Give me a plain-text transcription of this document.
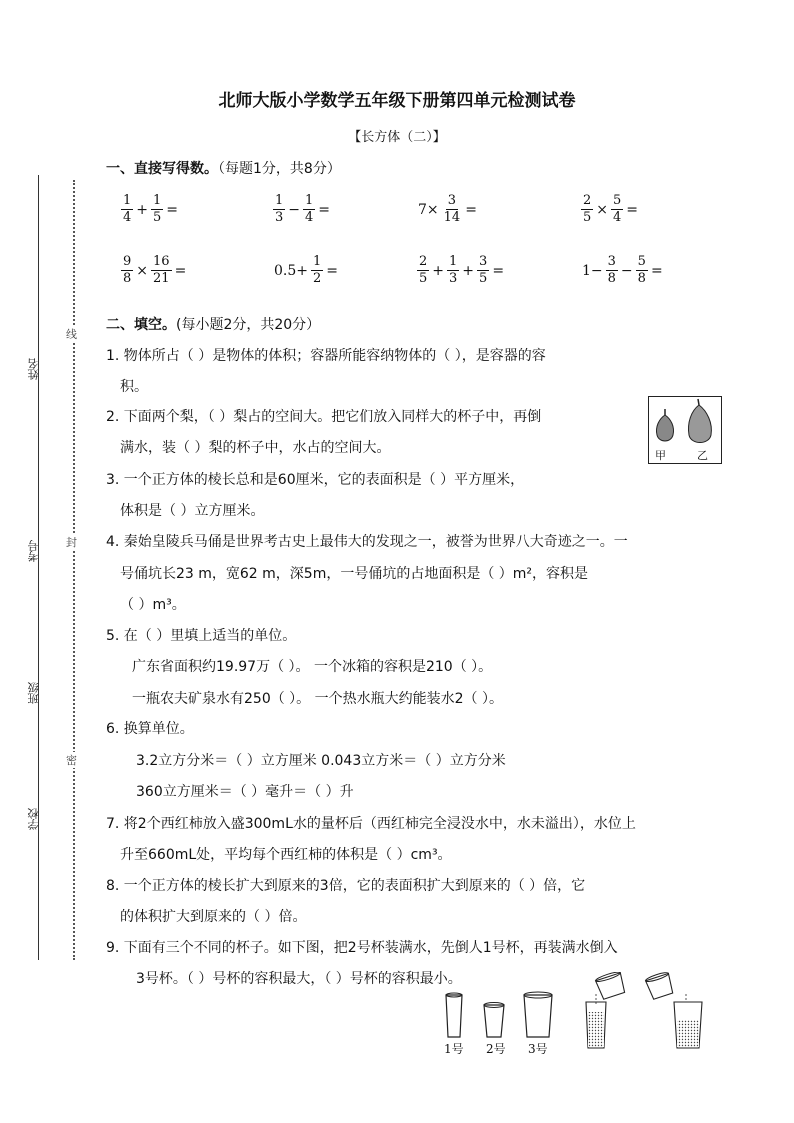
姓名
考号
班级
学校
线
封
密
北师大版小学数学五年级下册第四单元检测试卷
【长方体（二）】
一、直接写得数。（每题1分，共8分）
$\frac{1}{4} + \frac{1}{5}$ =	$\frac{1}{3} - \frac{1}{4}$ =	$7\times \frac{3}{14}$ =	$\frac{2}{5} \times \frac{5}{4}$ =
$\frac{9}{8} \times \frac{16}{21}$ =	$0.5+ \frac{1}{2}$ =	$\frac{2}{5} + \frac{1}{3} + \frac{3}{5}$ =	$1- \frac{3}{8} - \frac{5}{8}$ =
二、填空。(每小题2分，共20分）
1. 物体所占（ ）是物体的体积；容器所能容纳物体的（ ），是容器的容
积。
2. 下面两个梨，（ ）梨占的空间大。把它们放入同样大的杯子中，再倒
满水，装（ ）梨的杯子中，水占的空间大。
3. 一个正方体的棱长总和是60厘米，它的表面积是（ ）平方厘米，
体积是（ ）立方厘米。
4. 秦始皇陵兵马俑是世界考古史上最伟大的发现之一，被誉为世界八大奇迹之一。一
号俑坑长23 m，宽62 m，深5m，一号俑坑的占地面积是（ ）m²，容积是
（ ）m³。
5. 在（ ）里填上适当的单位。
广东省面积约19.97万（ ）。 一个冰箱的容积是210（ ）。
一瓶农夫矿泉水有250（ ）。 一个热水瓶大约能装水2（ ）。
6. 换算单位。
3.2立方分米＝（ ）立方厘米 0.043立方米＝（ ）立方分米
360立方厘米＝（ ）毫升＝（ ）升
7. 将2个西红柿放入盛300mL水的量杯后（西红柿完全浸没水中，水未溢出），水位上
升至660mL处，平均每个西红柿的体积是（ ）cm³。
8. 一个正方体的棱长扩大到原来的3倍，它的表面积扩大到原来的（ ）倍，它
的体积扩大到原来的（ ）倍。
9. 下面有三个不同的杯子。如下图，把2号杯装满水，先倒人1号杯，再装满水倒入
3号杯。（ ）号杯的容积最大，（ ）号杯的容积最小。
甲	乙
1号 2号 3号
